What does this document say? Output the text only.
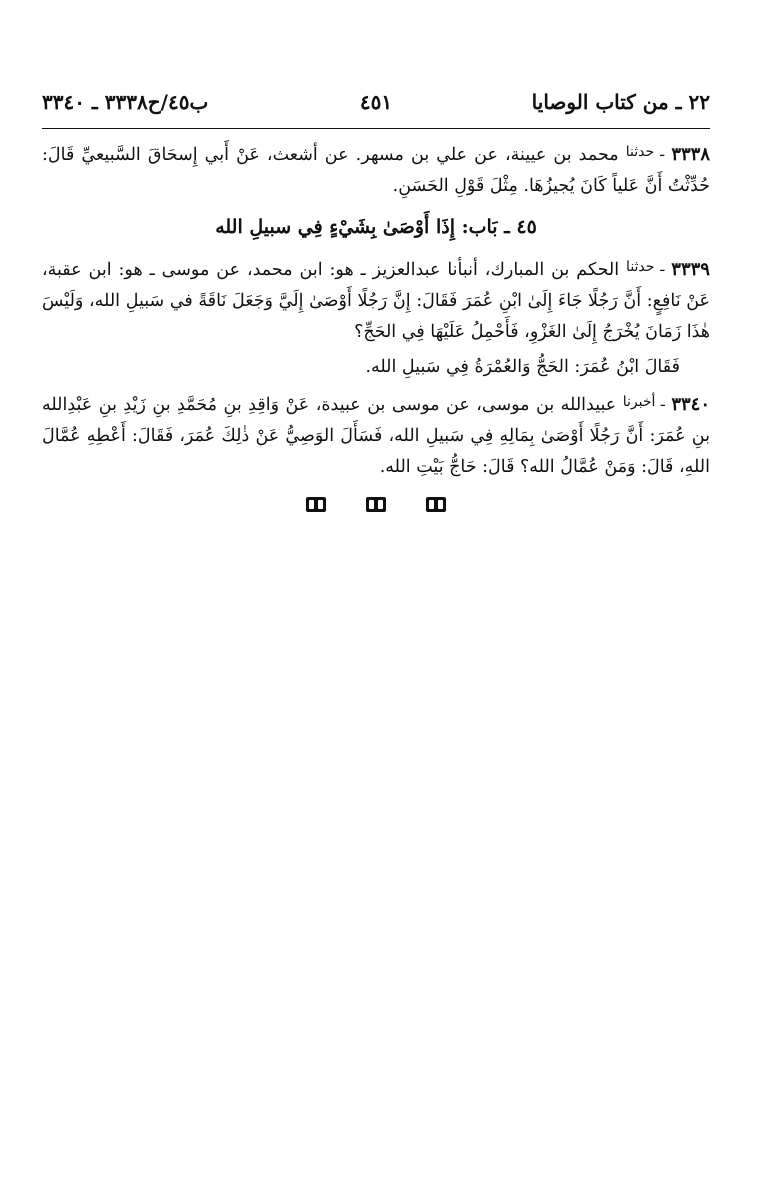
٢٢ ـ من كتاب الوصايا
٤٥١
ب٤٥/ح٣٣٣٨ ـ ٣٣٤٠

٣٣٣٨ $^{ـ حدثنا}$ محمد بن عيينة، عن علي بن مسهر. عن أشعث، عَنْ أَبي إِسحَاقَ السَّبيعيِّ قَالَ: حُدِّثْتُ أَنَّ عَلياً كَانَ يُجيزُهَا. مِثْلَ قَوْلِ الحَسَنِ.

٤٥ ـ بَاب: إِذَا أَوْصَىٰ بِشَيْءٍ فِي سبيلِ الله

٣٣٣٩ $^{ـ حدثنا}$ الحكم بن المبارك، أنبأنا عبدالعزيز ـ هو: ابن محمد، عن موسى ـ هو: ابن عقبة، عَنْ نَافِعٍ: أَنَّ رَجُلًا جَاءَ إِلَىٰ ابْنِ عُمَرَ فَقَالَ: إِنَّ رَجُلًا أَوْصَىٰ إِلَيَّ وَجَعَلَ نَاقَةً في سَبيلِ الله، وَلَيْسَ هٰذَا زَمَانَ يُخْرَجُ إِلَىٰ الغَزْوِ، فَأَحْمِلُ عَلَيْهَا فِي الحَجِّ؟

فَقَالَ ابْنُ عُمَرَ: الحَجُّ وَالعُمْرَةُ فِي سَبيلِ الله.

٣٣٤٠ $^{ـ أخبرنا}$ عبيدالله بن موسى، عن موسى بن عبيدة، عَنْ وَاقِدِ بنِ مُحَمَّدِ بنِ زَيْدِ بنِ عَبْدِالله بنِ عُمَرَ: أَنَّ رَجُلًا أَوْصَىٰ بِمَالِهِ فِي سَبيلِ الله، فَسَأَلَ الوَصِيُّ عَنْ ذٰلِكَ عُمَرَ، فَقَالَ: أَعْطِهِ عُمَّالَ اللهِ، قَالَ: وَمَنْ عُمَّالُ الله؟ قَالَ: حَاجُّ بَيْتِ الله.
